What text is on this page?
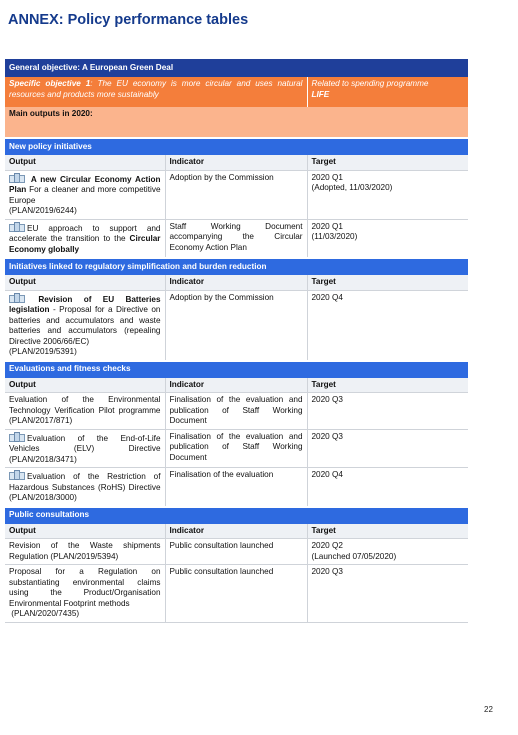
ANNEX: Policy performance tables
General objective: A European Green Deal		
Specific objective 1: The EU economy is more circular and uses natural resources and products more sustainably		Related to spending programme
LIFE
Main outputs in 2020:		
New policy initiatives		
Output	Indicator	Target

A new Circular Economy Action Plan For a cleaner and more competitive Europe
(PLAN/2019/6244)	Adoption by the Commission	2020 Q1
(Adopted, 11/03/2020)

EU approach to support and accelerate the transition to the Circular Economy globally	Staff Working Document accompanying the Circular Economy Action Plan	2020 Q1
(11/03/2020)
Initiatives linked to regulatory simplification and burden reduction		
Output	Indicator	Target

Revision of EU Batteries legislation - Proposal for a Directive on batteries and accumulators and waste batteries and accumulators (repealing Directive 2006/66/EC)
(PLAN/2019/5391)	Adoption by the Commission	2020 Q4
Evaluations and fitness checks		
Output	Indicator	Target
Evaluation of the Environmental Technology Verification Pilot programme (PLAN/2017/871)	Finalisation of the evaluation and publication of Staff Working Document	2020 Q3

Evaluation of the End-of-Life Vehicles (ELV) Directive (PLAN/2018/3471)	Finalisation of the evaluation and publication of Staff Working Document	2020 Q3

Evaluation of the Restriction of Hazardous Substances (RoHS) Directive (PLAN/2018/3000)	Finalisation of the evaluation	2020 Q4
Public consultations		
Output	Indicator	Target
Revision of the Waste shipments Regulation (PLAN/2019/5394)	Public consultation launched	2020 Q2
(Launched 07/05/2020)
Proposal for a Regulation on substantiating environmental claims using the Product/Organisation Environmental Footprint methods
(PLAN/2020/7435)	Public consultation launched	2020 Q3
22
